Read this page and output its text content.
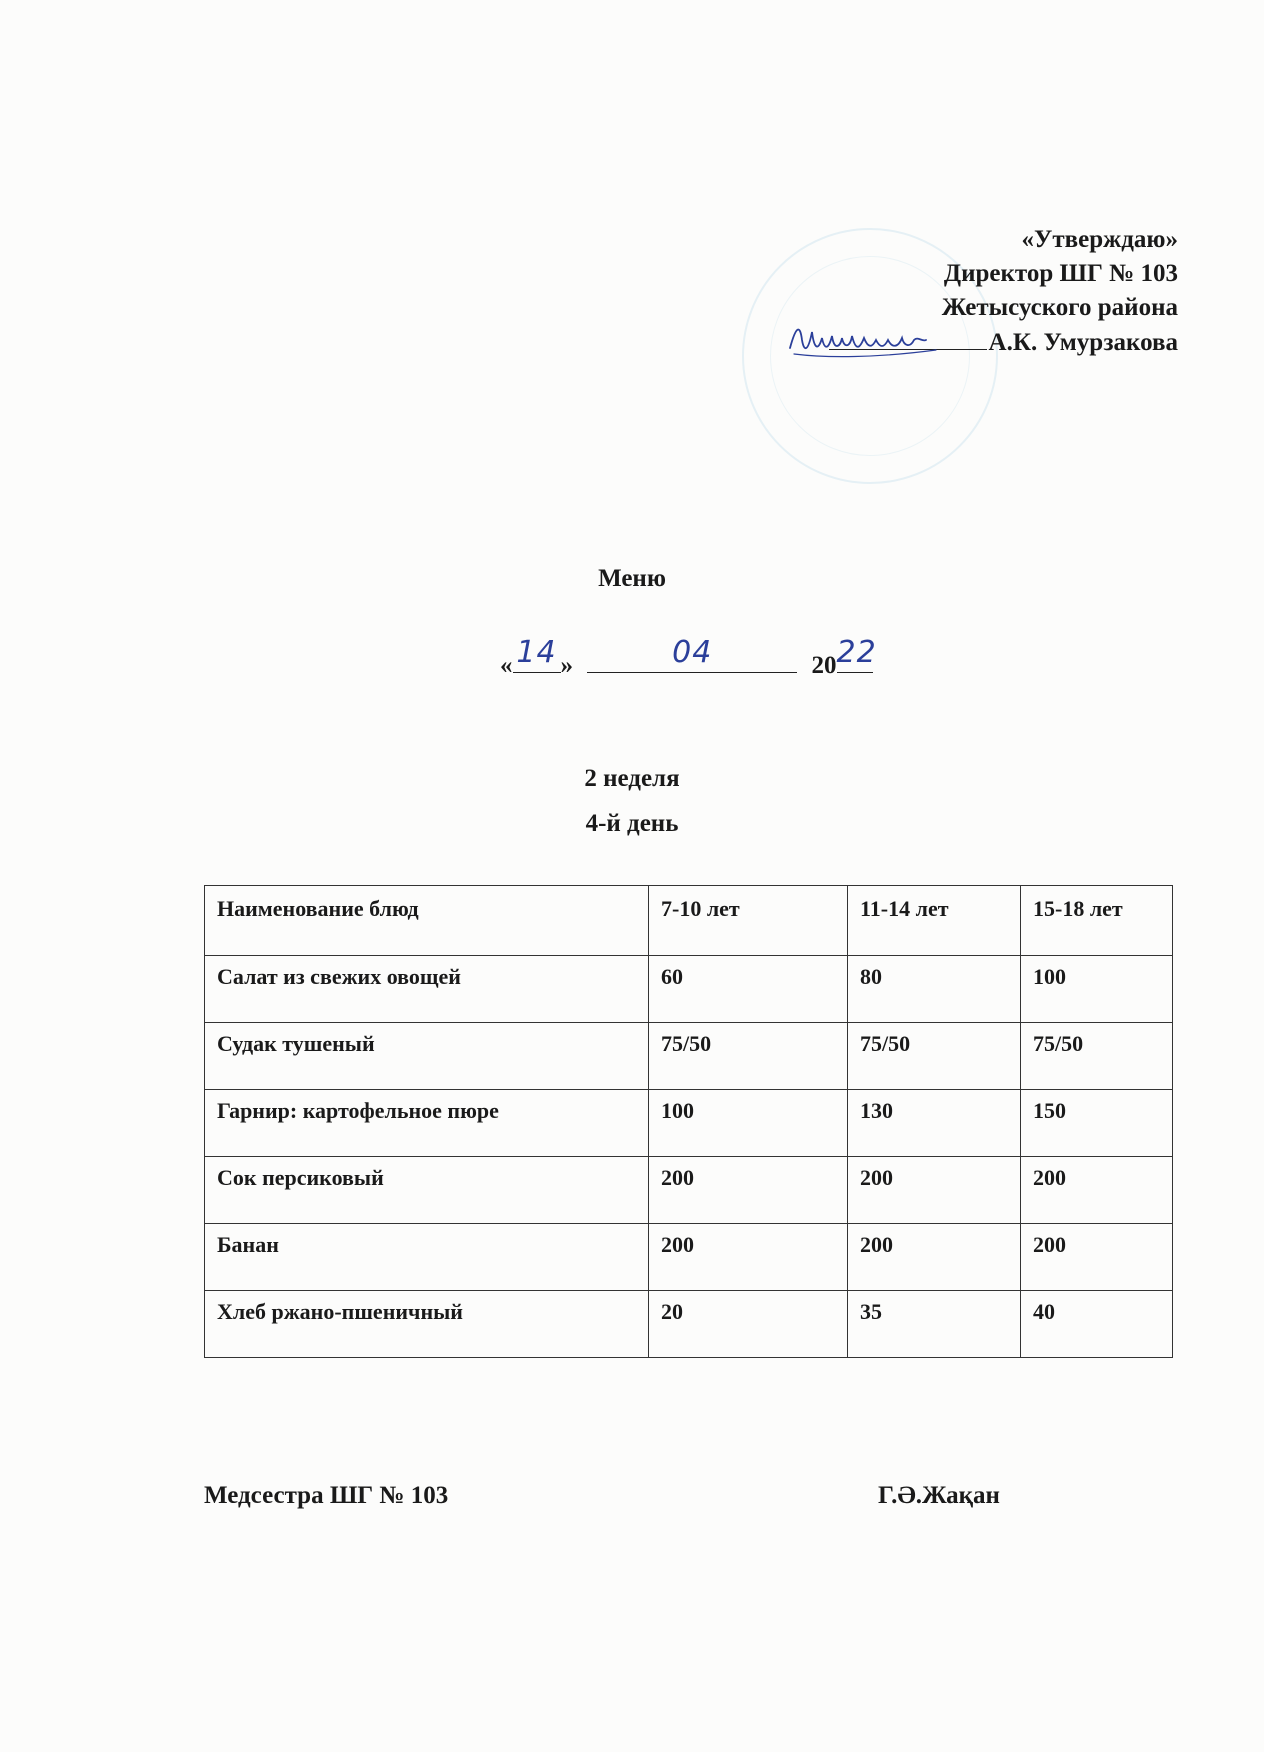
«Утверждаю»
Директор ШГ № 103
Жетысуского района
А.К. Умурзакова
Меню
« 14 »	04	20 22
2 неделя
4-й день
Наименование блюд	7-10 лет	11-14 лет	15-18 лет
Салат из свежих овощей	60	80	100
Судак тушеный	75/50	75/50	75/50
Гарнир: картофельное пюре	100	130	150
Сок персиковый	200	200	200
Банан	200	200	200
Хлеб ржано-пшеничный	20	35	40
Медсестра ШГ № 103	Г.Ә.Жақан
